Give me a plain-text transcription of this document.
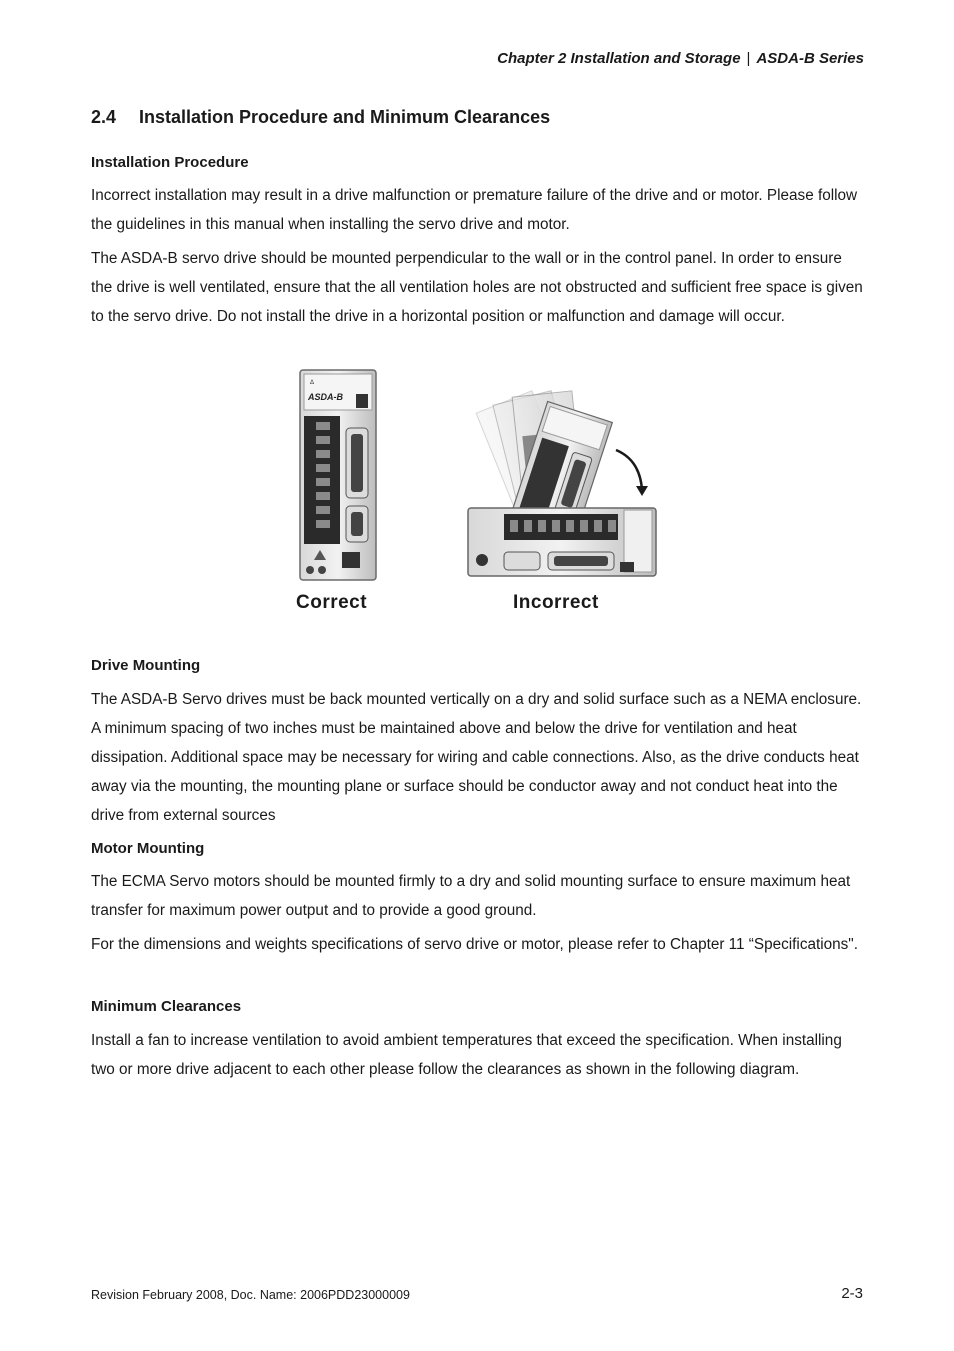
Chapter 2 Installation and Storage | ASDA-B Series
2.4 Installation Procedure and Minimum Clearances
Installation Procedure

Incorrect installation may result in a drive malfunction or premature failure of the drive and or motor. Please follow the guidelines in this manual when installing the servo drive and motor.

The ASDA-B servo drive should be mounted perpendicular to the wall or in the control panel. In order to ensure the drive is well ventilated, ensure that the all ventilation holes are not obstructed and sufficient free space is given to the servo drive. Do not install the drive in a horizontal position or malfunction and damage will occur.

Δ
ASDA-B
Correct	Incorrect
Drive Mounting

The ASDA-B Servo drives must be back mounted vertically on a dry and solid surface such as a NEMA enclosure. A minimum spacing of two inches must be maintained above and below the drive for ventilation and heat dissipation. Additional space may be necessary for wiring and cable connections. Also, as the drive conducts heat away via the mounting, the mounting plane or surface should be conductor away and not conduct heat into the drive from external sources

Motor Mounting

The ECMA Servo motors should be mounted firmly to a dry and solid mounting surface to ensure maximum heat transfer for maximum power output and to provide a good ground.

For the dimensions and weights specifications of servo drive or motor, please refer to Chapter 11 “Specifications".

Minimum Clearances

Install a fan to increase ventilation to avoid ambient temperatures that exceed the specification. When installing two or more drive adjacent to each other please follow the clearances as shown in the following diagram.

Revision February 2008, Doc. Name: 2006PDD23000009	2-3
